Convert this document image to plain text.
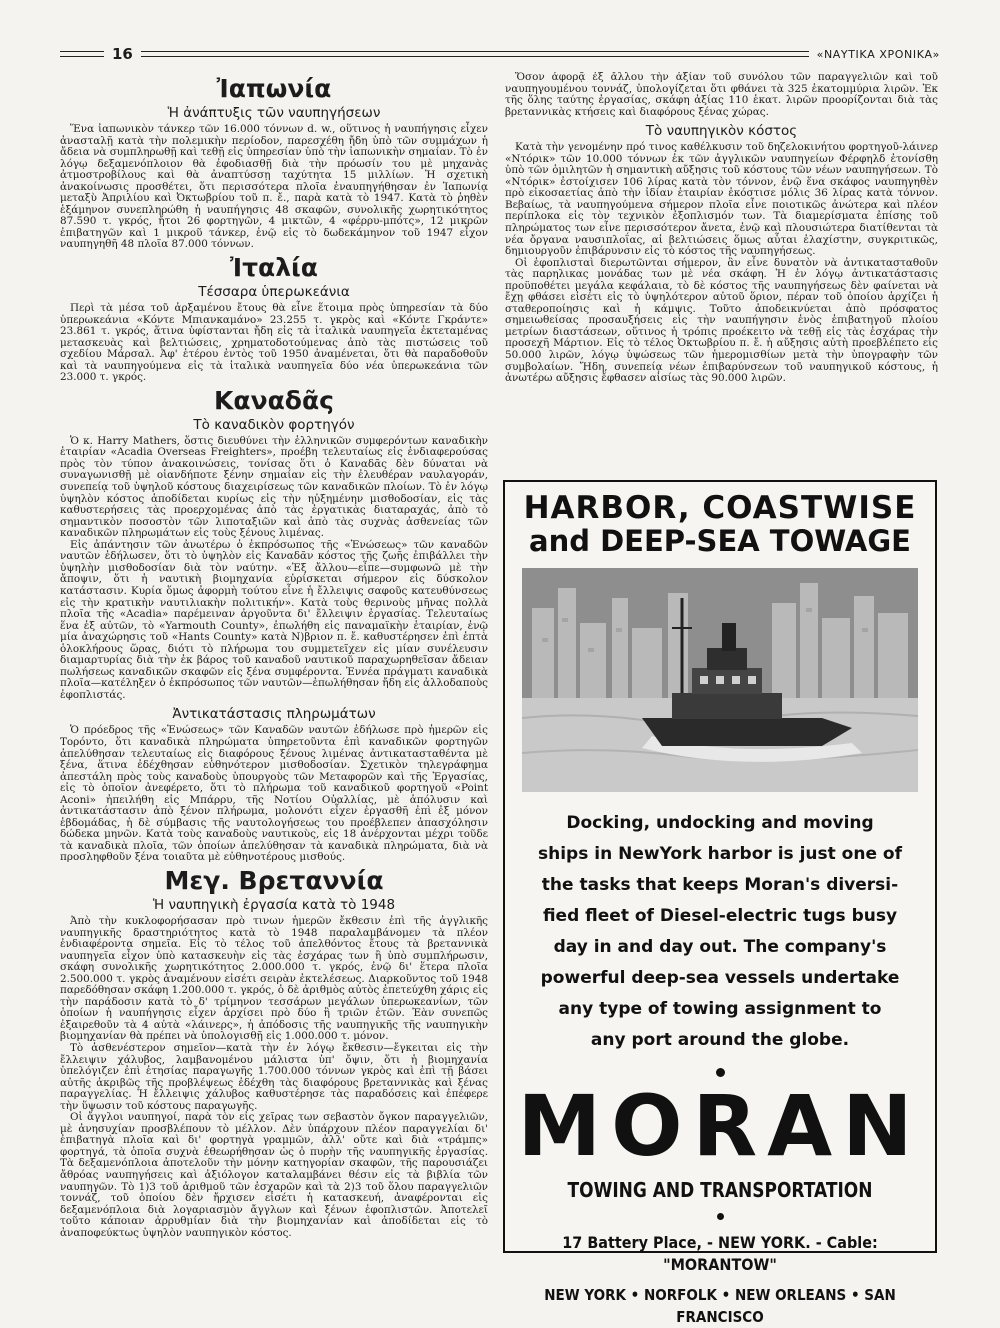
16	«ΝΑΥΤΙΚΑ ΧΡΟΝΙΚΑ»
Ἰαπωνία
Ἡ ἀνάπτυξις τῶν ναυπηγήσεων

Ἕνα ἰαπωνικὸν τάνκερ τῶν 16.000 τόννων d. w., οὕτινος ἡ ναυπήγησις εἶχεν ἀνασταλῇ κατὰ τὴν πολεμικὴν περίοδον, παρεσχέθη ἤδη ὑπὸ τῶν συμμάχων ἡ ἄδεια νὰ συμπληρωθῇ καὶ τεθῇ εἰς ὑπηρεσίαν ὑπὸ τὴν ἰαπωνικὴν σημαίαν. Τὸ ἐν λόγῳ δεξαμενόπλοιον θὰ ἐφοδιασθῇ διὰ τὴν πρόωσίν του μὲ μηχανὰς ἀτμοστροβίλους καὶ θὰ ἀναπτύσσῃ ταχύτητα 15 μιλλίων. Ἡ σχετικὴ ἀνακοίνωσις προσθέτει, ὅτι περισσότερα πλοῖα ἐναυπηγήθησαν ἐν Ἰαπωνίᾳ μεταξὺ Ἀπριλίου καὶ Ὀκτωβρίου τοῦ π. ἔ., παρὰ κατὰ τὸ 1947. Κατὰ τὸ ῥηθὲν ἑξάμηνον συνεπληρώθη ἡ ναυπήγησις 48 σκαφῶν, συνολικῆς χωρητικότητος 87.590 τ. γκρός, ἤτοι 26 φορτηγῶν, 4 μικτῶν, 4 «φέρρυ-μπότς», 12 μικρῶν ἐπιβατηγῶν καὶ 1 μικροῦ τάνκερ, ἐνῷ εἰς τὸ δωδεκάμηνον τοῦ 1947 εἶχον ναυπηγηθῆ 48 πλοῖα 87.000 τόννων.

Ἰταλία
Τέσσαρα ὑπερωκεάνια

Περὶ τὰ μέσα τοῦ ἀρξαμένου ἔτους θὰ εἶνε ἕτοιμα πρὸς ὑπηρεσίαν τὰ δύο ὑπερωκεάνια «Κόντε Μπιανκαμάνο» 23.255 τ. γκρὸς καὶ «Κόντε Γκράντε» 23.861 τ. γκρός, ἅτινα ὑφίστανται ἤδη εἰς τὰ ἰταλικὰ ναυπηγεῖα ἐκτεταμένας μετασκευὰς καὶ βελτιώσεις, χρηματοδοτούμενας ἀπὸ τὰς πιστώσεις τοῦ σχεδίου Μάρσαλ. Ἀφ' ἑτέρου ἐντὸς τοῦ 1950 ἀναμένεται, ὅτι θὰ παραδοθοῦν καὶ τὰ ναυπηγούμενα εἰς τὰ ἰταλικὰ ναυπηγεῖα δύο νέα ὑπερωκεάνια τῶν 23.000 τ. γκρός.

Καναδᾶς
Τὸ καναδικὸν φορτηγόν

Ὁ κ. Harry Mathers, ὅστις διευθύνει τὴν ἑλληνικῶν συμφερόντων καναδικὴν ἑταιρίαν «Acadia Overseas Freighters», προέβη τελευταίως εἰς ἐνδιαφερούσας πρὸς τὸν τύπον ἀνακοινώσεις, τονίσας ὅτι ὁ Καναδᾶς δὲν δύναται νὰ συναγωνισθῇ μὲ οἱανδήποτε ξένην σημαίαν εἰς τὴν ἐλευθέραν ναυλαγοράν, συνεπείᾳ τοῦ ὑψηλοῦ κόστους διαχειρίσεως τῶν καναδικῶν πλοίων. Τὸ ἐν λόγῳ ὑψηλὸν κόστος ἀποδίδεται κυρίως εἰς τὴν ηὐξημένην μισθοδοσίαν, εἰς τὰς καθυστερήσεις τὰς προερχομένας ἀπὸ τὰς ἐργατικὰς διαταραχάς, ἀπὸ τὸ σημαντικὸν ποσοστὸν τῶν λιποταξιῶν καὶ ἀπὸ τὰς συχνὰς ἀσθενείας τῶν καναδικῶν πληρωμάτων εἰς τοὺς ξένους λιμένας.

Εἰς ἀπάντησιν τῶν ἀνωτέρω ὁ ἐκπρόσωπος τῆς «Ἑνώσεως» τῶν καναδῶν ναυτῶν ἐδήλωσεν, ὅτι τὸ ὑψηλὸν εἰς Καναδᾶν κόστος τῆς ζωῆς ἐπιβάλλει τὴν ὑψηλὴν μισθοδοσίαν διὰ τὸν ναύτην. «Ἐξ ἄλλου—εἶπε—συμφωνῶ μὲ τὴν ἄποψιν, ὅτι ἡ ναυτικὴ βιομηχανία εὑρίσκεται σήμερον εἰς δύσκολον κατάστασιν. Κυρία ὅμως ἀφορμὴ τούτου εἶνε ἡ ἔλλειψις σαφοῦς κατευθύνσεως εἰς τὴν κρατικὴν ναυτιλιακὴν πολιτικήν». Κατὰ τοὺς θερινοὺς μῆνας πολλὰ πλοῖα τῆς «Acadia» παρέμειναν ἀργοῦντα δι' ἔλλειψιν ἐργασίας. Τελευταίως ἕνα ἐξ αὐτῶν, τὸ «Yarmouth County», ἐπωλήθη εἰς παναμαϊκὴν ἑταιρίαν, ἐνῷ μία ἀναχώρησις τοῦ «Hants County» κατὰ Ν)βριον π. ἔ. καθυστέρησεν ἐπὶ ἑπτὰ ὁλοκλήρους ὥρας, διότι τὸ πλήρωμα του συμμετεῖχεν εἰς μίαν συνέλευσιν διαμαρτυρίας διὰ τὴν ἐκ βάρος τοῦ καναδοῦ ναυτικοῦ παραχωρηθεῖσαν ἄδειαν πωλήσεως καναδικῶν σκαφῶν εἰς ξένα συμφέροντα. Ἐννέα πράγματι καναδικὰ πλοῖα—κατέληξεν ὁ ἐκπρόσωπος τῶν ναυτῶν—ἐπωλήθησαν ἤδη εἰς ἀλλοδαποὺς ἐφοπλιστάς.

Ἀντικατάστασις πληρωμάτων

Ὁ πρόεδρος τῆς «Ἑνώσεως» τῶν Καναδῶν ναυτῶν ἐδήλωσε πρὸ ἡμερῶν εἰς Τορόντο, ὅτι καναδικὰ πληρώματα ὑπηρετοῦντα ἐπὶ καναδικῶν φορτηγῶν ἀπελύθησαν τελευταίως εἰς διαφόρους ξένους λιμένας ἀντικατασταθέντα μὲ ξένα, ἅτινα ἐδέχθησαν εὐθηνότερον μισθοδοσίαν. Σχετικὸν τηλεγράφημα ἀπεστάλη πρὸς τοὺς καναδοὺς ὑπουργοὺς τῶν Μεταφορῶν καὶ τῆς Ἐργασίας, εἰς τὸ ὁποῖον ἀνεφέρετο, ὅτι τὸ πλήρωμα τοῦ καναδικοῦ φορτηγοῦ «Point Aconi» ἠπειλήθη εἰς Μπάρρυ, τῆς Νοτίου Οὐαλλίας, μὲ ἀπόλυσιν καὶ ἀντικατάστασιν ἀπὸ ξένον πλήρωμα, μολονότι εἶχεν ἐργασθῆ ἐπὶ ἐξ μόνον ἑβδομάδας, ἡ δὲ σύμβασις τῆς ναυτολογήσεως του προέβλεπεν ἀπασχόλησιν δώδεκα μηνῶν. Κατὰ τοὺς καναδοὺς ναυτικοὺς, εἰς 18 ἀνέρχονται μέχρι τοῦδε τὰ καναδικὰ πλοῖα, τῶν ὁποίων ἀπελύθησαν τὰ καναδικὰ πληρώματα, διὰ νὰ προσληφθοῦν ξένα τοιαῦτα μὲ εὐθηνοτέρους μισθούς.

Μεγ. Βρεταννία
Ἡ ναυπηγικὴ ἐργασία κατὰ τὸ 1948

Ἀπὸ τὴν κυκλοφορήσασαν πρὸ τινων ἡμερῶν ἔκθεσιν ἐπὶ τῆς ἀγγλικῆς ναυπηγικῆς δραστηριότητος κατὰ τὸ 1948 παραλαμβάνομεν τὰ πλέον ἐνδιαφέροντα σημεῖα. Εἰς τὸ τέλος τοῦ ἀπελθόντος ἔτους τὰ βρεταννικὰ ναυπηγεῖα εἶχον ὑπὸ κατασκευὴν εἰς τὰς ἐσχάρας των ἢ ὑπὸ συμπλήρωσιν, σκάφη συνολικῆς χωρητικότητος 2.000.000 τ. γκρός, ἐνῷ δι' ἕτερα πλοῖα 2.500.000 τ. γκρὸς ἀναμένουν εἰσέτι σειρὰν ἐκτελέσεως. Διαρκοῦντος τοῦ 1948 παρεδόθησαν σκάφη 1.200.000 τ. γκρός, ὁ δὲ ἀριθμὸς αὐτὸς ἐπετεύχθη χάρις εἰς τὴν παράδοσιν κατὰ τὸ δ' τρίμηνον τεσσάρων μεγάλων ὑπερωκεανίων, τῶν ὁποίων ἡ ναυπήγησις εἶχεν ἀρχίσει πρὸ δύο ἢ τριῶν ἐτῶν. Ἐὰν συνεπῶς ἐξαιρεθοῦν τὰ 4 αὐτὰ «λάινερς», ἡ ἀπόδοσις τῆς ναυπηγικῆς τῆς ναυπηγικὴν βιομηχανίαν θὰ πρέπει νὰ ὑπολογισθῇ εἰς 1.000.000 τ. μόνον.

Τὸ ἀσθενέστερον σημεῖον—κατὰ τὴν ἐν λόγῳ ἔκθεσιν—ἔγκειται εἰς τὴν ἔλλειψιν χάλυβος, λαμβανομένου μάλιστα ὑπ' ὄψιν, ὅτι ἡ βιομηχανία ὑπελόγιζεν ἐπὶ ἐτησίας παραγωγῆς 1.700.000 τόννων γκρὸς καὶ ἐπὶ τῇ βάσει αὐτῆς ἀκριβῶς τῆς προβλέψεως ἐδέχθη τὰς διαφόρους βρεταννικὰς καὶ ξένας παραγγελίας. Ἡ ἔλλειψις χάλυβος καθυστέρησε τὰς παραδόσεις καὶ ἐπέφερε τὴν ὕψωσιν τοῦ κόστους παραγωγῆς.

Οἱ ἄγγλοι ναυπηγοί, παρὰ τὸν εἰς χεῖρας των σεβαστὸν ὄγκον παραγγελιῶν, μὲ ἀνησυχίαν προσβλέπουν τὸ μέλλον. Δὲν ὑπάρχουν πλέον παραγγελίαι δι' ἐπιβατηγὰ πλοῖα καὶ δι' φορτηγὰ γραμμῶν, ἀλλ' οὔτε καὶ διὰ «τράμπς» φορτηγά, τὰ ὁποῖα συχνὰ ἐθεωρήθησαν ὡς ὁ πυρὴν τῆς ναυπηγικῆς ἐργασίας. Τὰ δεξαμενόπλοια ἀποτελοῦν τὴν μόνην κατηγορίαν σκαφῶν, τῆς παρουσιάζει ἄθρόας ναυπηγήσεις καὶ ἀξιόλογον καταλαμβάνει θέσιν εἰς τὰ βιβλία τῶν ναυπηγῶν. Τὸ 1)3 τοῦ ἀριθμοῦ τῶν ἐσχαρῶν καὶ τὰ 2)3 τοῦ ὅλου παραγγελιῶν τοννάζ, τοῦ ὁποίου δὲν ἤρχισεν εἰσέτι ἡ κατασκευή, ἀναφέρονται εἰς δεξαμενόπλοια διὰ λογαριασμὸν ἄγγλων καὶ ξένων ἐφοπλιστῶν. Ἀποτελεῖ τοῦτο κάποιαν ἀρρυθμίαν διὰ τὴν βιομηχανίαν καὶ ἀποδίδεται εἰς τὸ ἀναποφεύκτως ὑψηλὸν ναυπηγικὸν κόστος.

Ὅσον ἀφορᾷ ἐξ ἄλλου τὴν ἀξίαν τοῦ συνόλου τῶν παραγγελιῶν καὶ τοῦ ναυπηγουμένου τοννάζ, ὑπολογίζεται ὅτι φθάνει τὰ 325 ἑκατομμύρια λιρῶν. Ἐκ τῆς ὅλης ταύτης ἐργασίας, σκάφη ἀξίας 110 ἑκατ. λιρῶν προορίζονται διὰ τὰς βρεταννικὰς κτήσεις καὶ διαφόρους ξένας χώρας.

Τὸ ναυπηγικὸν κόστος

Κατὰ τὴν γενομένην πρό τινος καθέλκυσιν τοῦ δηζελοκινήτου φορτηγοῦ-λάινερ «Ντόρικ» τῶν 10.000 τόννων ἐκ τῶν ἀγγλικῶν ναυπηγείων Φέρφηλδ ἐτονίσθη ὑπὸ τῶν ὁμιλητῶν ἡ σημαντικὴ αὔξησις τοῦ κόστους τῶν νέων ναυπηγήσεων. Τὸ «Ντόρικ» ἐστοίχισεν 106 λίρας κατὰ τὸν τόννον, ἐνῷ ἕνα σκάφος ναυπηγηθὲν πρὸ εἰκοσαετίας ἀπὸ τὴν ἰδίαν ἑταιρίαν ἐκόστισε μόλις 36 λίρας κατὰ τόννον. Βεβαίως, τὰ ναυπηγούμενα σήμερον πλοῖα εἶνε ποιοτικῶς ἀνώτερα καὶ πλέον περίπλοκα εἰς τὸν τεχνικὸν ἐξοπλισμόν των. Τὰ διαμερίσματα ἐπίσης τοῦ πληρώματος των εἶνε περισσότερον ἄνετα, ἐνῷ καὶ πλουσιώτερα διατίθενται τὰ νέα ὄργανα ναυσιπλοΐας, αἱ βελτιώσεις ὅμως αὗται ἐλαχίστην, συγκριτικῶς, δημιουργοῦν ἐπιβάρυνσιν εἰς τὸ κόστος τῆς ναυπηγήσεως.

Οἱ ἐφοπλισταὶ διερωτῶνται σήμερον, ἂν εἶνε δυνατὸν νὰ ἀντικατασταθοῦν τὰς παρηλικας μονάδας των μὲ νέα σκάφη. Ἡ ἐν λόγῳ ἀντικατάστασις προϋποθέτει μεγάλα κεφάλαια, τὸ δὲ κόστος τῆς ναυπηγήσεως δὲν φαίνεται νὰ ἔχῃ φθάσει εἰσέτι εἰς τὸ ὑψηλότερον αὐτοῦ ὅριον, πέραν τοῦ ὁποίου ἀρχίζει ἡ σταθεροποίησις καὶ ἡ κάμψις. Τοῦτο ἀποδεικνύεται ἀπὸ πρόσφατος σημειωθείσας προσαυξήσεις εἰς τὴν ναυπήγησιν ἑνὸς ἐπιβατηγοῦ πλοίου μετρίων διαστάσεων, οὕτινος ἡ τρόπις προέκειτο νὰ τεθῇ εἰς τὰς ἐσχάρας τὴν προσεχῆ Μάρτιον. Εἰς τὸ τέλος Ὀκτωβρίου π. ἔ. ἡ αὔξησις αὐτὴ προεβλέπετο εἰς 50.000 λιρῶν, λόγῳ ὑψώσεως τῶν ἡμερομισθίων μετὰ τὴν ὑπογραφὴν τῶν συμβολαίων. Ἤδη, συνεπείᾳ νέων ἐπιβαρύνσεων τοῦ ναυπηγικοῦ κόστους, ἡ ἀνωτέρω αὔξησις ἔφθασεν αἰσίως τὰς 90.000 λιρῶν.

HARBOR, COASTWISE
and DEEP-SEA TOWAGE
Docking, undocking and moving
ships in NewYork harbor is just one of
the tasks that keeps Moran's diversi-
fied fleet of Diesel-electric tugs busy
day in and day out. The company's
powerful deep-sea vessels undertake
any type of towing assignment to
any port around the globe.
MORAN
TOWING AND TRANSPORTATION
17 Battery Place, - NEW YORK. - Cable: "MORANTOW"
NEW YORK • NORFOLK • NEW ORLEANS • SAN FRANCISCO
